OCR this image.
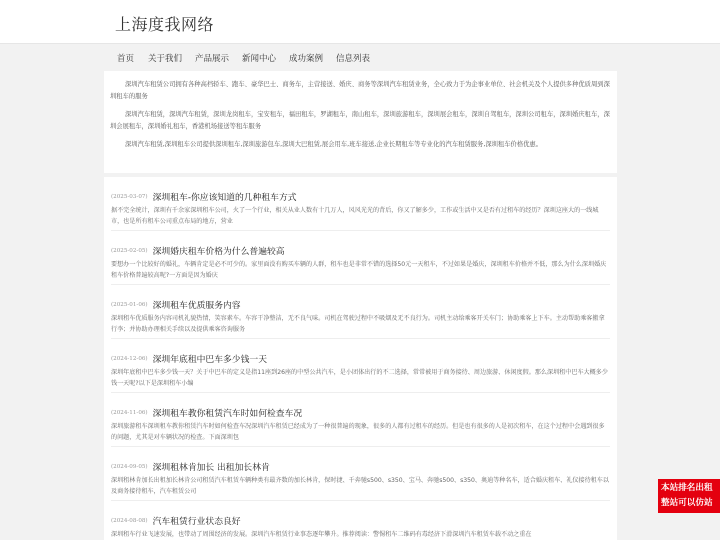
上海度我网络
首页 关于我们 产品展示 新闻中心 成功案例 信息列表

深圳汽车租赁公司拥有各种高档轿车、跑车、豪华巴士、商务车，主营接送、婚庆、商务等深圳汽车租赁业务，全心致力于为企事业单位、社会机关及个人提供多种优质周到深圳租车的服务

深圳汽车租赁，深圳汽车租赁，深圳龙岗租车，宝安租车，福田租车，罗湖租车，南山租车，深圳旅游租车，深圳展会租车，深圳自驾租车，深圳公司租车，深圳婚庆租车，深圳会展租车，深圳婚礼租车，香港机场接送等租车服务

深圳汽车租赁,深圳租车公司提供深圳租车,深圳旅游包车,深圳大巴租赁,展会用车,班车接送,企业长期租车等专业化的汽车租赁服务,深圳租车价格优惠。

(2025-03-07) 深圳租车-你应该知道的几种租车方式
据不完全统计，深圳有千余家深圳租车公司，火了一个行业，相关从业人数有十几万人，风风光光的背后，你又了解多少，工作或生活中又是否有过租车的经历？深圳这座大的一线城市，也是所有租车公司重点布局的地方，营业
(2025-02-05) 深圳婚庆租车价格为什么普遍较高
要想办一个比较好的婚礼，车辆肯定是必不可少的。家里面没有购买车辆的人群，租车也是非常不错的选择50元一天租车，不过如果是婚庆，深圳租车价格并不低，那么为什么深圳婚庆租车价格普遍较高呢?一方面是因为婚庆
(2025-01-06) 深圳租车优质服务内容
深圳租车优质服务内容司机礼貌热情，笑容素车。车容干净整洁，无不良气味。司机在驾驶过程中不吸烟及无不良行为。司机主动给乘客开关车门；协助乘客上下车。主动帮助乘客搬拿行李；并协助办理相关手续以及提供乘客咨询服务
(2024-12-06) 深圳年底租中巴车多少钱一天
深圳年底租中巴车多少钱一天？关于中巴车的定义是指11座到26座的中型公共汽车，是小团体出行的不二选择，常常被用于商务接待、周边旅游、休闲度假。那么深圳租中巴车大概多少钱一天呢?以下是深圳租车小编
(2024-11-06) 深圳租车教你租赁汽车时如何检查车况
深圳旅游租车深圳租车教你租赁汽车时如何检查车况深圳汽车租赁已经成为了一种很普遍的现象，很多的人都有过租车的经历。但是也有很多的人是初次租车，在这个过程中会遇到很多的问题，尤其是对车辆状况的检查。下面深圳包
(2024-09-05) 深圳租林肯加长 出租加长林肯
深圳租林肯加长出租加长林肯公司租赁汽车租赁车辆种类有最齐数的加长林肯，保时捷、千奔驰s500、s350、宝马、奔驰s500、s350、奥迪等种名车，适合婚庆租车、礼仪接待租车以及商务接待租车，汽车租赁公司
(2024-08-08) 汽车租赁行业状态良好
深圳租车行业飞速发展，也带动了周围经济的发展。深圳汽车租赁行业事态逐年攀升。推荐阅读：警惕租车二维码有毒经济下滑深圳汽车租赁车载不动之重在
本站排名出租
整站可以仿站
